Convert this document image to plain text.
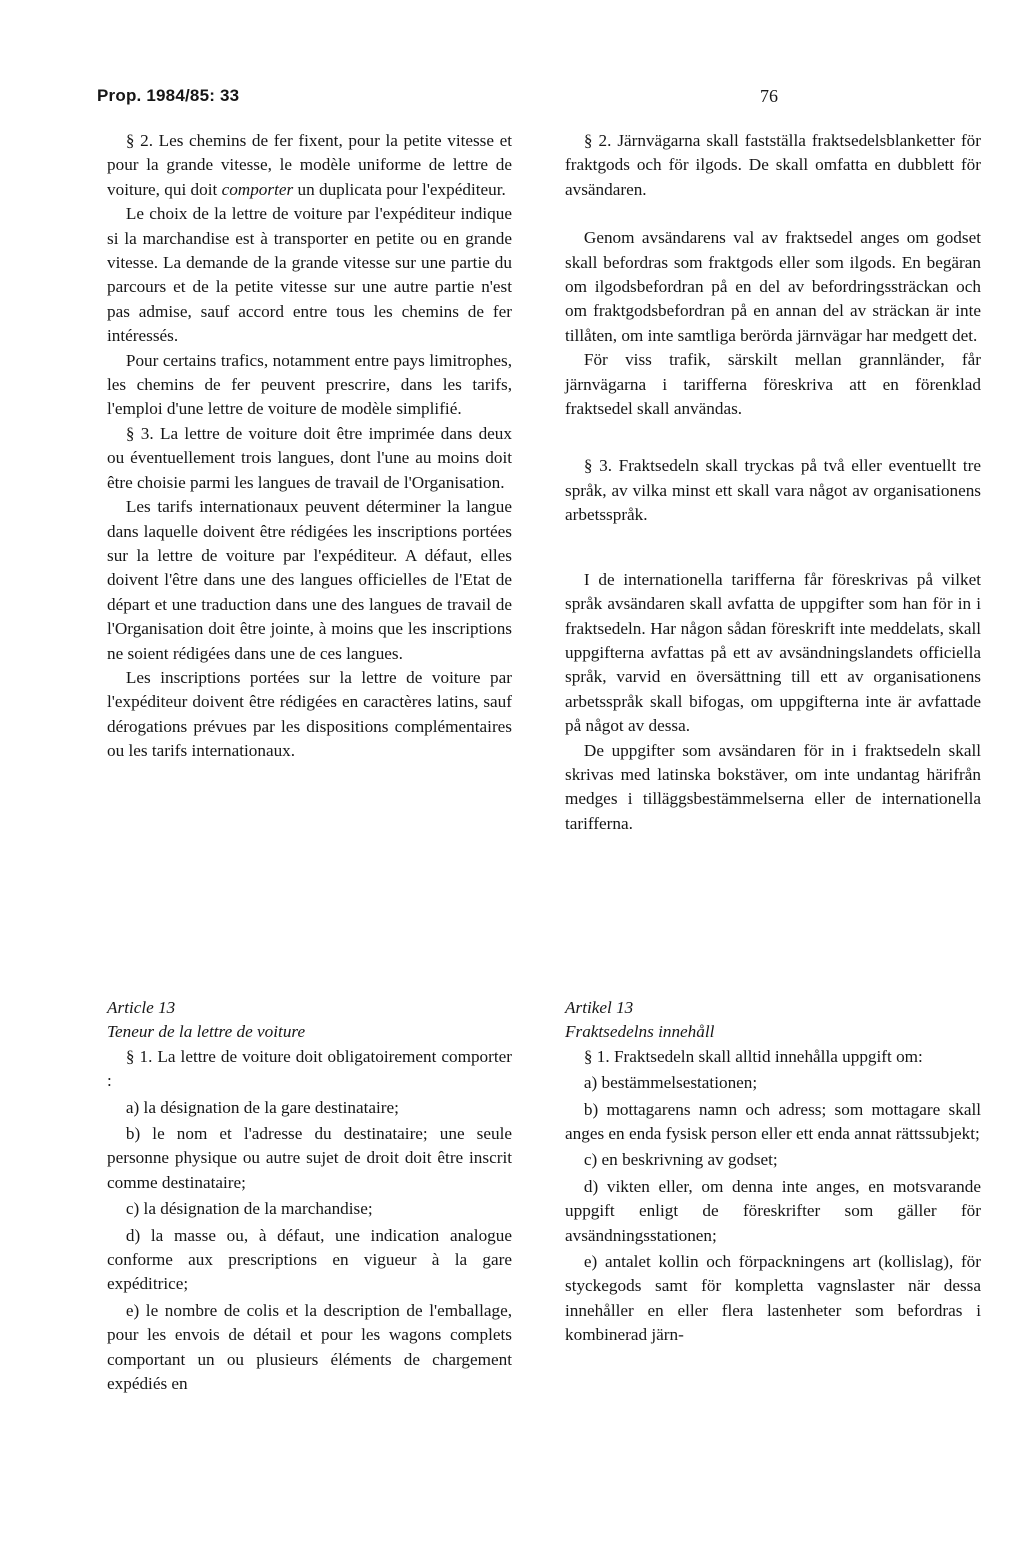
Prop. 1984/85: 33	76

§ 2. Les chemins de fer fixent, pour la petite vitesse et pour la grande vitesse, le modèle uniforme de lettre de voiture, qui doit comporter un duplicata pour l'expéditeur.

Le choix de la lettre de voiture par l'expéditeur indique si la marchandise est à transporter en petite ou en grande vitesse. La demande de la grande vitesse sur une partie du parcours et de la petite vitesse sur une autre partie n'est pas admise, sauf accord entre tous les chemins de fer intéressés.

Pour certains trafics, notamment entre pays limitrophes, les chemins de fer peuvent prescrire, dans les tarifs, l'emploi d'une lettre de voiture de modèle simplifié.

§ 3. La lettre de voiture doit être imprimée dans deux ou éventuellement trois langues, dont l'une au moins doit être choisie parmi les langues de travail de l'Organisation.

Les tarifs internationaux peuvent déterminer la langue dans laquelle doivent être rédigées les inscriptions portées sur la lettre de voiture par l'expéditeur. A défaut, elles doivent l'être dans une des langues officielles de l'Etat de départ et une traduction dans une des langues de travail de l'Organisation doit être jointe, à moins que les inscriptions ne soient rédigées dans une de ces langues.

Les inscriptions portées sur la lettre de voiture par l'expéditeur doivent être rédigées en caractères latins, sauf dérogations prévues par les dispositions complémentaires ou les tarifs internationaux.

§ 2. Järnvägarna skall fastställa fraktsedelsblanketter för fraktgods och för ilgods. De skall omfatta en dubblett för avsändaren.

Genom avsändarens val av fraktsedel anges om godset skall befordras som fraktgods eller som ilgods. En begäran om ilgodsbefordran på en del av befordringssträckan och om fraktgodsbefordran på en annan del av sträckan är inte tillåten, om inte samtliga berörda järnvägar har medgett det.

För viss trafik, särskilt mellan grannländer, får järnvägarna i tarifferna föreskriva att en förenklad fraktsedel skall användas.

§ 3. Fraktsedeln skall tryckas på två eller eventuellt tre språk, av vilka minst ett skall vara något av organisationens arbetsspråk.

I de internationella tarifferna får föreskrivas på vilket språk avsändaren skall avfatta de uppgifter som han för in i fraktsedeln. Har någon sådan föreskrift inte meddelats, skall uppgifterna avfattas på ett av avsändningslandets officiella språk, varvid en översättning till ett av organisationens arbetsspråk skall bifogas, om uppgifterna inte är avfattade på något av dessa.

De uppgifter som avsändaren för in i fraktsedeln skall skrivas med latinska bokstäver, om inte undantag härifrån medges i tilläggsbestämmelserna eller de internationella tarifferna.

Article 13

Teneur de la lettre de voiture

§ 1. La lettre de voiture doit obligatoirement comporter :

a) la désignation de la gare destinataire;

b) le nom et l'adresse du destinataire; une seule personne physique ou autre sujet de droit doit être inscrit comme destinataire;

c) la désignation de la marchandise;

d) la masse ou, à défaut, une indication analogue conforme aux prescriptions en vigueur à la gare expéditrice;

e) le nombre de colis et la description de l'emballage, pour les envois de détail et pour les wagons complets comportant un ou plusieurs éléments de chargement expédiés en

Artikel 13

Fraktsedelns innehåll

§ 1. Fraktsedeln skall alltid innehålla uppgift om:

a) bestämmelsestationen;

b) mottagarens namn och adress; som mottagare skall anges en enda fysisk person eller ett enda annat rättssubjekt;

c) en beskrivning av godset;

d) vikten eller, om denna inte anges, en motsvarande uppgift enligt de föreskrifter som gäller för avsändningsstationen;

e) antalet kollin och förpackningens art (kollislag), för styckegods samt för kompletta vagnslaster när dessa innehåller en eller flera lastenheter som befordras i kombinerad järn-
